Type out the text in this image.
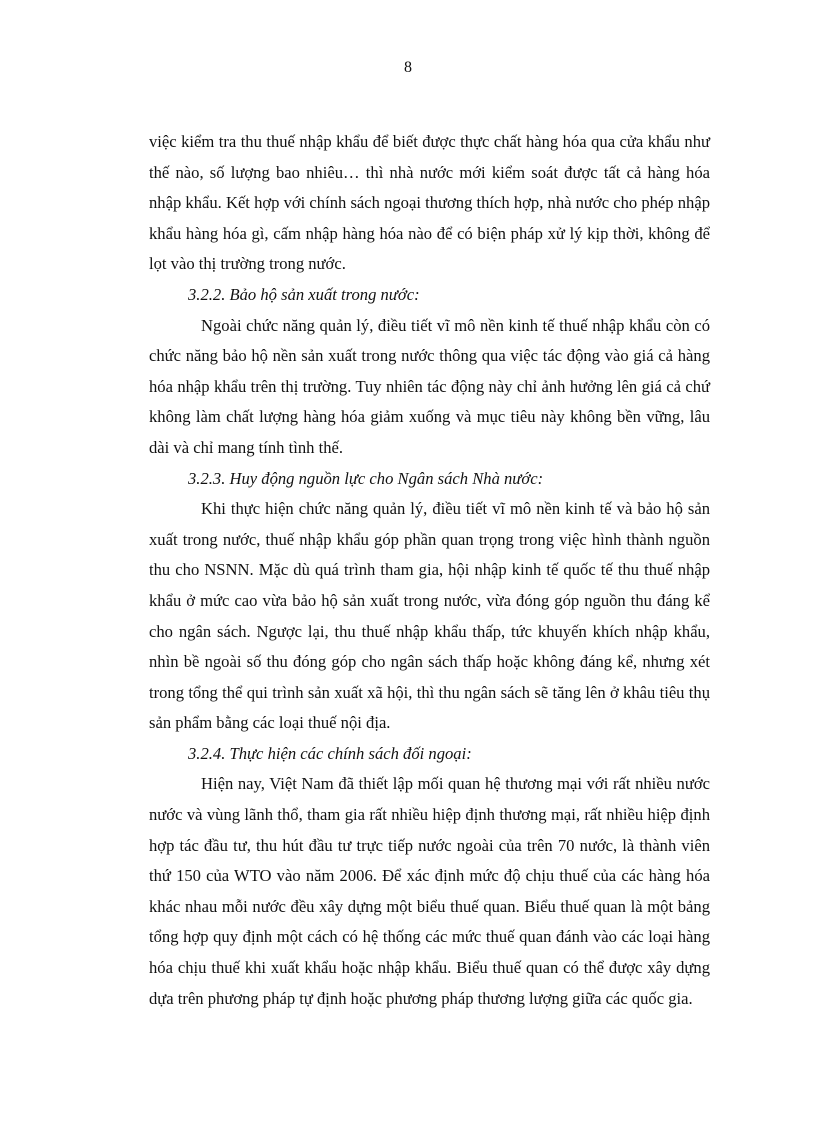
8

việc kiểm tra thu thuế nhập khẩu để biết được thực chất hàng hóa qua cửa khẩu như thế nào, số lượng bao nhiêu… thì nhà nước mới kiểm soát được tất cả hàng hóa nhập khẩu. Kết hợp với chính sách ngoại thương thích hợp, nhà nước cho phép nhập khẩu hàng hóa gì, cấm nhập hàng hóa nào để có biện pháp xử lý kịp thời, không để lọt vào thị trường trong nước.

3.2.2. Bảo hộ sản xuất trong nước:

Ngoài chức năng quản lý, điều tiết vĩ mô nền kinh tế thuế nhập khẩu còn có chức năng bảo hộ nền sản xuất trong nước thông qua việc tác động vào giá cả hàng hóa nhập khẩu trên thị trường. Tuy nhiên tác động này chỉ ảnh hưởng lên giá cả chứ không làm chất lượng hàng hóa giảm xuống và mục tiêu này không bền vững, lâu dài và chỉ mang tính tình thế.

3.2.3. Huy động nguồn lực cho Ngân sách Nhà nước:

Khi thực hiện chức năng quản lý, điều tiết vĩ mô nền kinh tế và bảo hộ sản xuất trong nước, thuế nhập khẩu góp phần quan trọng trong việc hình thành nguồn thu cho NSNN. Mặc dù quá trình tham gia, hội nhập kinh tế quốc tế thu thuế nhập khẩu ở mức cao vừa bảo hộ sản xuất trong nước, vừa đóng góp nguồn thu đáng kể cho ngân sách. Ngược lại, thu thuế nhập khẩu thấp, tức khuyến khích nhập khẩu, nhìn bề ngoài số thu đóng góp cho ngân sách thấp hoặc không đáng kể, nhưng xét trong tổng thể qui trình sản xuất xã hội, thì thu ngân sách sẽ tăng lên ở khâu tiêu thụ sản phẩm bằng các loại thuế nội địa.

3.2.4. Thực hiện các chính sách đối ngoại:

Hiện nay, Việt Nam đã thiết lập mối quan hệ thương mại với rất nhiều nước nước và vùng lãnh thổ, tham gia rất nhiều hiệp định thương mại, rất nhiều hiệp định hợp tác đầu tư, thu hút đầu tư trực tiếp nước ngoài của trên 70 nước, là thành viên thứ 150 của WTO vào năm 2006. Để xác định mức độ chịu thuế của các hàng hóa khác nhau mỗi nước đều xây dựng một biểu thuế quan. Biểu thuế quan là một bảng tổng hợp quy định một cách có hệ thống các mức thuế quan đánh vào các loại hàng hóa chịu thuế khi xuất khẩu hoặc nhập khẩu. Biểu thuế quan có thể được xây dựng dựa trên phương pháp tự định hoặc phương pháp thương lượng giữa các quốc gia.
